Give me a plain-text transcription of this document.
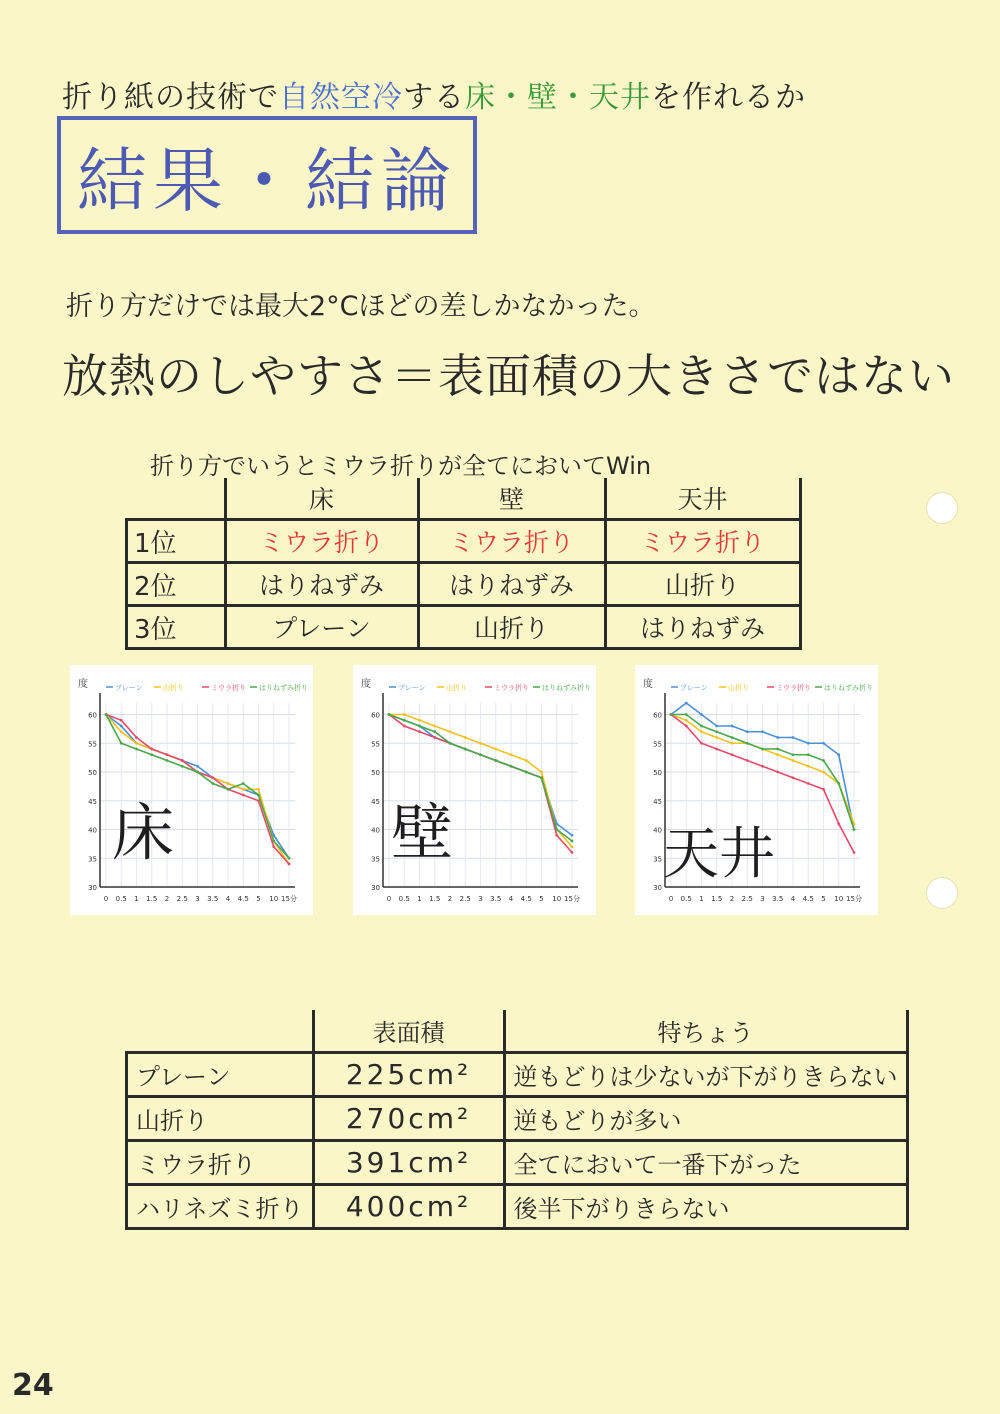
折り紙の技術で自然空冷する床・壁・天井を作れるか
結果・結論
折り方だけでは最大2°Cほどの差しかなかった。
放熱のしやすさ＝表面積の大きさではない
折り方でいうとミウラ折りが全てにおいてWin
	床	壁	天井
1位	ミウラ折り	ミウラ折り	ミウラ折り
2位	はりねずみ	はりねずみ	山折り
3位	プレーン	山折り	はりねずみ
度
60
55
50
45
40
35
30
0 0.5 1 1.5 2 2.5 3 3.5 4 4.5 5 10 15分
プレーン	山折り	ミウラ折り はりねずみ折り
床
度
60
55
50
45
40
35
30
0 0.5 1 1.5 2 2.5 3 3.5 4 4.5 5 10 15分
プレーン	山折り	ミウラ折り はりねずみ折り
壁
度
60
55
50
45
40
35
30
0 0.5 1 1.5 2 2.5 3 3.5 4 4.5 5 10 15分
プレーン	山折り	ミウラ折り はりねずみ折り
天井
	表面積	特ちょう
プレーン	225cm²	逆もどりは少ないが下がりきらない
山折り	270cm²	逆もどりが多い
ミウラ折り	391cm²	全てにおいて一番下がった
ハリネズミ折り	400cm²	後半下がりきらない
24
